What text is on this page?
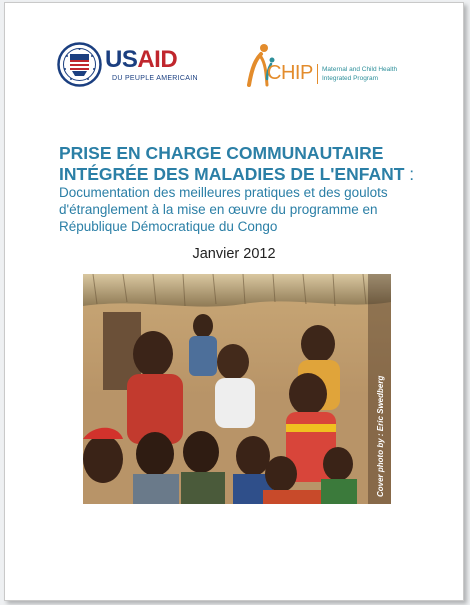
USAID
DU PEUPLE AMERICAIN	CHIP Maternal and Child Health
Integrated Program
PRISE EN CHARGE COMMUNAUTAIRE
INTÉGRÉE DES MALADIES DE L'ENFANT :
Documentation des meilleures pratiques et des goulots
d'étranglement à la mise en œuvre du programme en
République Démocratique du Congo
Janvier 2012
Cover photo by : Eric Swedberg
